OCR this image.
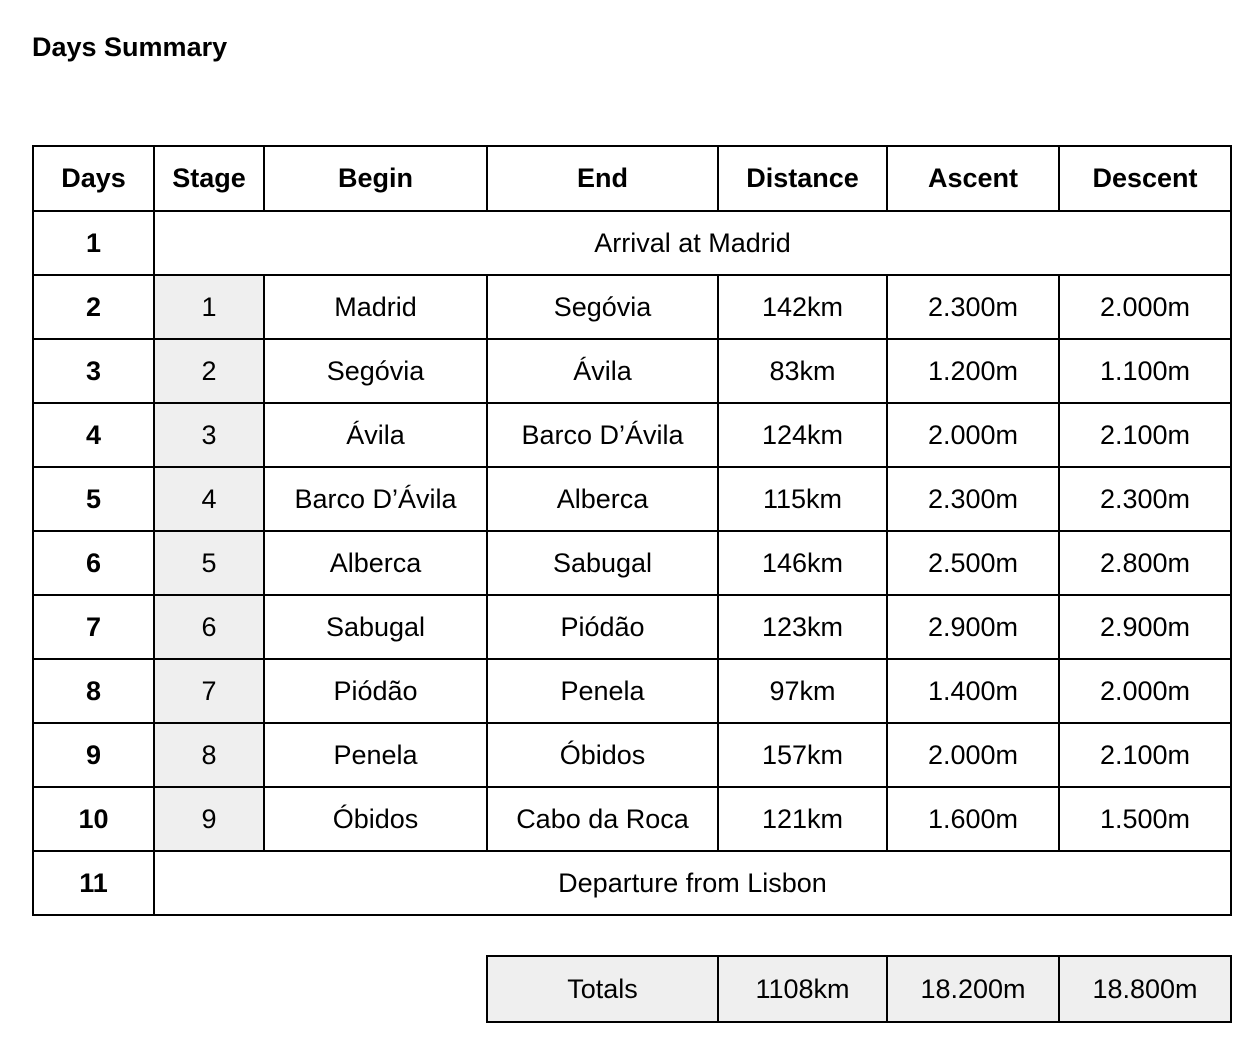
Days Summary
Days	Stage	Begin	End	Distance	Ascent	Descent
1	Arrival at Madrid					
2	1	Madrid	Segóvia	142km	2.300m	2.000m
3	2	Segóvia	Ávila	83km	1.200m	1.100m
4	3	Ávila	Barco D’Ávila	124km	2.000m	2.100m
5	4	Barco D’Ávila	Alberca	115km	2.300m	2.300m
6	5	Alberca	Sabugal	146km	2.500m	2.800m
7	6	Sabugal	Piódão	123km	2.900m	2.900m
8	7	Piódão	Penela	97km	1.400m	2.000m
9	8	Penela	Óbidos	157km	2.000m	2.100m
10	9	Óbidos	Cabo da Roca	121km	1.600m	1.500m
11	Departure from Lisbon					
Totals	1108km	18.200m	18.800m
